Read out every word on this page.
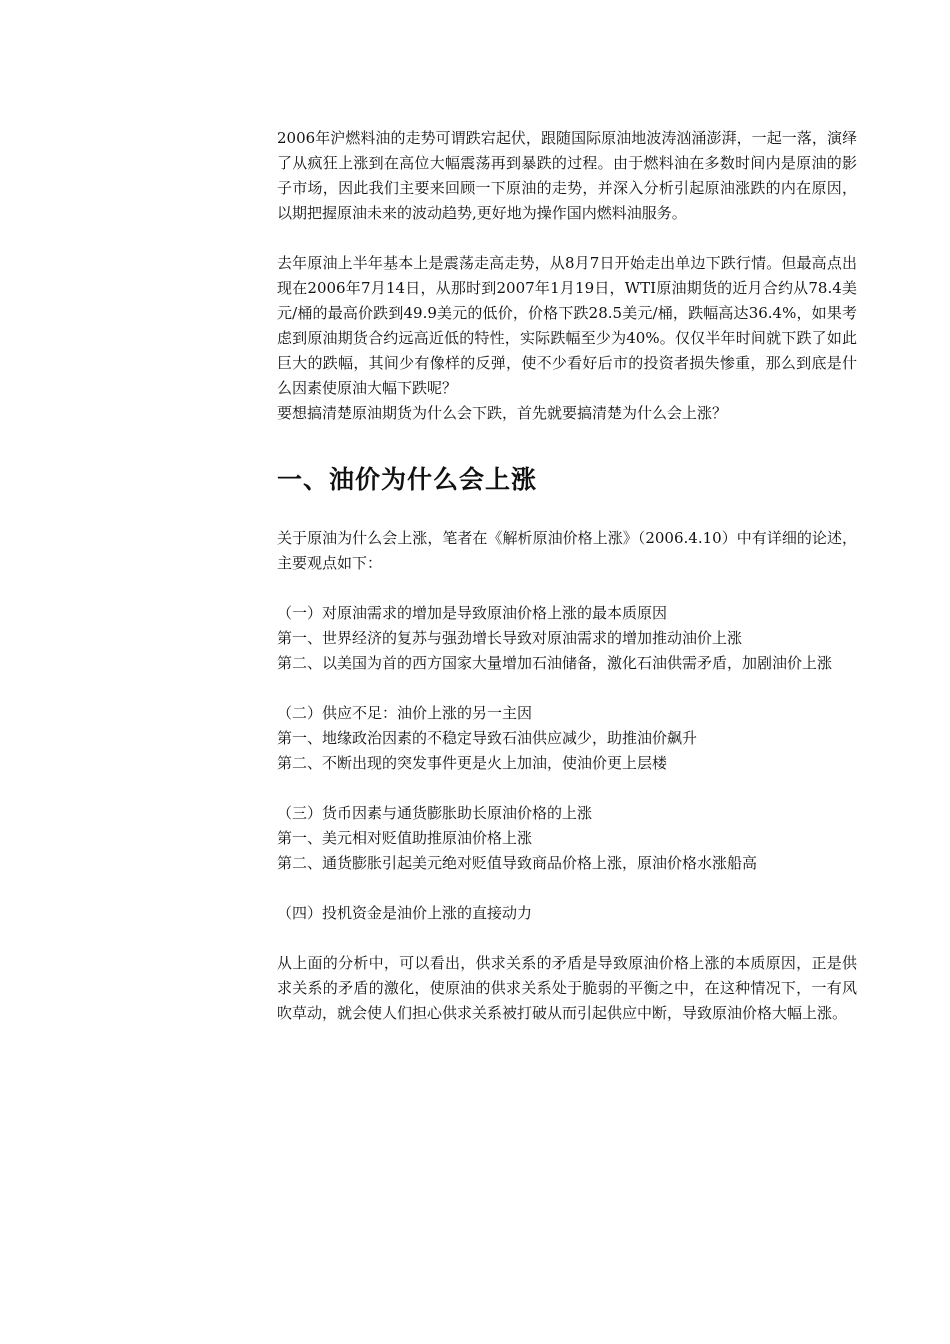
2006年沪燃料油的走势可谓跌宕起伏，跟随国际原油地波涛汹涌澎湃，一起一落，演绎了从疯狂上涨到在高位大幅震荡再到暴跌的过程。由于燃料油在多数时间内是原油的影子市场，因此我们主要来回顾一下原油的走势，并深入分析引起原油涨跌的内在原因，以期把握原油未来的波动趋势,更好地为操作国内燃料油服务。

去年原油上半年基本上是震荡走高走势，从8月7日开始走出单边下跌行情。但最高点出现在2006年7月14日，从那时到2007年1月19日，WTI原油期货的近月合约从78.4美元/桶的最高价跌到49.9美元的低价，价格下跌28.5美元/桶，跌幅高达36.4%，如果考虑到原油期货合约远高近低的特性，实际跌幅至少为40%。仅仅半年时间就下跌了如此巨大的跌幅，其间少有像样的反弹，使不少看好后市的投资者损失惨重，那么到底是什么因素使原油大幅下跌呢？

要想搞清楚原油期货为什么会下跌，首先就要搞清楚为什么会上涨？

一、油价为什么会上涨

关于原油为什么会上涨，笔者在《解析原油价格上涨》（2006.4.10）中有详细的论述，主要观点如下：

（一）对原油需求的增加是导致原油价格上涨的最本质原因

第一、世界经济的复苏与强劲增长导致对原油需求的增加推动油价上涨

第二、以美国为首的西方国家大量增加石油储备，激化石油供需矛盾，加剧油价上涨

（二）供应不足：油价上涨的另一主因

第一、地缘政治因素的不稳定导致石油供应减少，助推油价飙升

第二、不断出现的突发事件更是火上加油，使油价更上层楼

（三）货币因素与通货膨胀助长原油价格的上涨

第一、美元相对贬值助推原油价格上涨

第二、通货膨胀引起美元绝对贬值导致商品价格上涨，原油价格水涨船高

（四）投机资金是油价上涨的直接动力

从上面的分析中，可以看出，供求关系的矛盾是导致原油价格上涨的本质原因，正是供求关系的矛盾的激化，使原油的供求关系处于脆弱的平衡之中，在这种情况下，一有风吹草动，就会使人们担心供求关系被打破从而引起供应中断，导致原油价格大幅上涨。
